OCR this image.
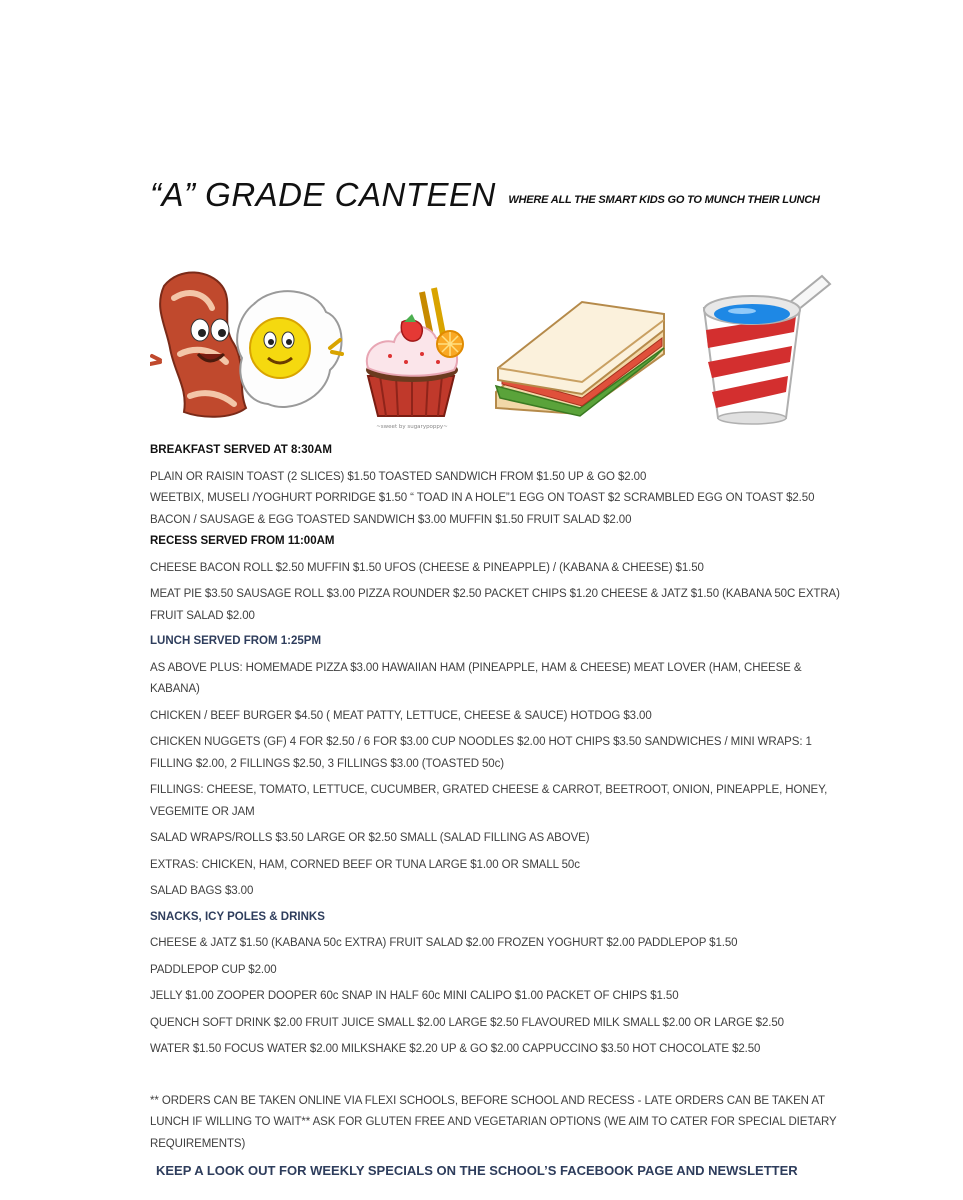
“A” GRADE CANTEEN WHERE ALL THE SMART KIDS GO TO MUNCH THEIR LUNCH
~sweet by sugarypoppy~

BREAKFAST SERVED AT 8:30AM

PLAIN OR RAISIN TOAST (2 SLICES) $1.50 TOASTED SANDWICH FROM $1.50 UP & GO $2.00

WEETBIX, MUSELI /YOGHURT PORRIDGE $1.50 “ TOAD IN A HOLE”1 EGG ON TOAST $2 SCRAMBLED EGG ON TOAST $2.50

BACON / SAUSAGE & EGG TOASTED SANDWICH $3.00 MUFFIN $1.50 FRUIT SALAD $2.00

RECESS SERVED FROM 11:00AM

CHEESE BACON ROLL $2.50 MUFFIN $1.50 UFOS (CHEESE & PINEAPPLE) / (KABANA & CHEESE) $1.50

MEAT PIE $3.50 SAUSAGE ROLL $3.00 PIZZA ROUNDER $2.50 PACKET CHIPS $1.20 CHEESE & JATZ $1.50 (KABANA 50C EXTRA) FRUIT SALAD $2.00

LUNCH SERVED FROM 1:25PM

AS ABOVE PLUS: HOMEMADE PIZZA $3.00 HAWAIIAN HAM (PINEAPPLE, HAM & CHEESE) MEAT LOVER (HAM, CHEESE & KABANA)

CHICKEN / BEEF BURGER $4.50 ( MEAT PATTY, LETTUCE, CHEESE & SAUCE) HOTDOG $3.00

CHICKEN NUGGETS (GF) 4 FOR $2.50 / 6 FOR $3.00 CUP NOODLES $2.00 HOT CHIPS $3.50 SANDWICHES / MINI WRAPS: 1 FILLING $2.00, 2 FILLINGS $2.50, 3 FILLINGS $3.00 (TOASTED 50c)

FILLINGS: CHEESE, TOMATO, LETTUCE, CUCUMBER, GRATED CHEESE & CARROT, BEETROOT, ONION, PINEAPPLE, HONEY, VEGEMITE OR JAM

SALAD WRAPS/ROLLS $3.50 LARGE OR $2.50 SMALL (SALAD FILLING AS ABOVE)

EXTRAS: CHICKEN, HAM, CORNED BEEF OR TUNA LARGE $1.00 OR SMALL 50c

SALAD BAGS $3.00

SNACKS, ICY POLES & DRINKS

CHEESE & JATZ $1.50 (KABANA 50c EXTRA) FRUIT SALAD $2.00 FROZEN YOGHURT $2.00 PADDLEPOP $1.50

PADDLEPOP CUP $2.00

JELLY $1.00 ZOOPER DOOPER 60c SNAP IN HALF 60c MINI CALIPO $1.00 PACKET OF CHIPS $1.50

QUENCH SOFT DRINK $2.00 FRUIT JUICE SMALL $2.00 LARGE $2.50 FLAVOURED MILK SMALL $2.00 OR LARGE $2.50

WATER $1.50 FOCUS WATER $2.00 MILKSHAKE $2.20 UP & GO $2.00 CAPPUCCINO $3.50 HOT CHOCOLATE $2.50

** ORDERS CAN BE TAKEN ONLINE VIA FLEXI SCHOOLS, BEFORE SCHOOL AND RECESS - LATE ORDERS CAN BE TAKEN AT LUNCH IF WILLING TO WAIT** ASK FOR GLUTEN FREE AND VEGETARIAN OPTIONS (WE AIM TO CATER FOR SPECIAL DIETARY REQUIREMENTS)

KEEP A LOOK OUT FOR WEEKLY SPECIALS ON THE SCHOOL’S FACEBOOK PAGE AND NEWSLETTER
